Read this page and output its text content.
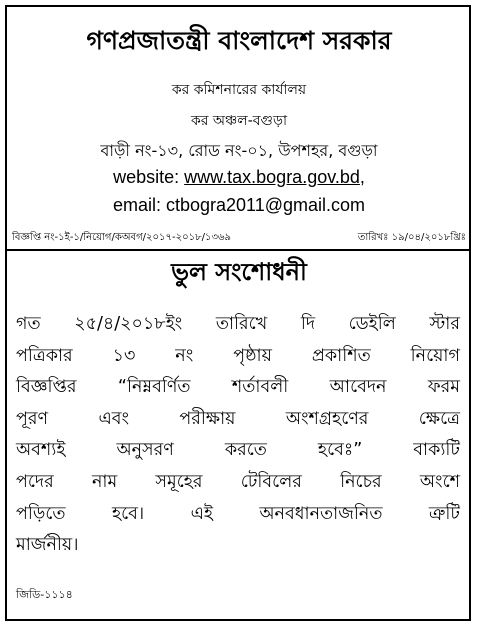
গণপ্রজাতন্ত্রী বাংলাদেশ সরকার
কর কমিশনারের কার্যালয়
কর অঞ্চল-বগুড়া
বাড়ী নং-১৩, রোড নং-০১, উপশহর, বগুড়া
website: www.tax.bogra.gov.bd,
email: ctbogra2011@gmail.com
বিজ্ঞপ্তি নং-১ই-১/নিয়োগ/কঅবগ/২০১৭-২০১৮/১৩৬৯	তারিখঃ ১৯/০৪/২০১৮খ্রিঃ
ভুল সংশোধনী
গত ২৫/৪/২০১৮ইং তারিখে দি ডেইলি স্টার
পত্রিকার ১৩ নং পৃষ্ঠায় প্রকাশিত নিয়োগ
বিজ্ঞপ্তির “নিম্নবর্ণিত শর্তাবলী আবেদন ফরম
পূরণ	এবং	পরীক্ষায়	অংশগ্রহণের	ক্ষেত্রে
অবশ্যই	অনুসরণ	করতে	হবেঃ”	বাক্যটি
পদের নাম সমূহের টেবিলের নিচের অংশে
পড়িতে	হবে।	এই	অনবধানতাজনিত	ত্রুটি
মার্জনীয়।
জিডি-১১১৪
